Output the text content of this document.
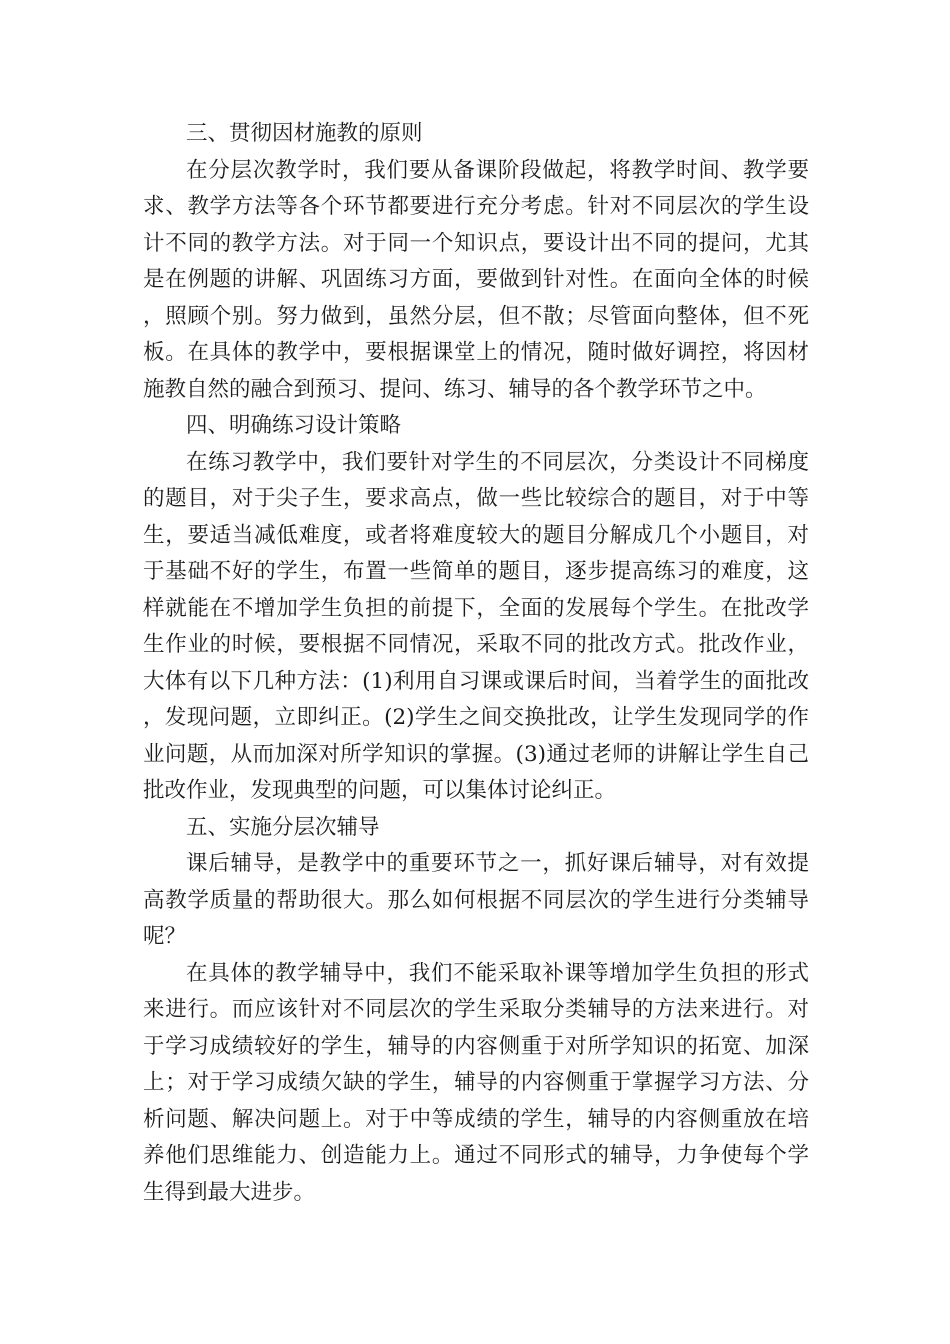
三、贯彻因材施教的原则

在分层次教学时，我们要从备课阶段做起，将教学时间、教学要求、教学方法等各个环节都要进行充分考虑。针对不同层次的学生设计不同的教学方法。对于同一个知识点，要设计出不同的提问，尤其是在例题的讲解、巩固练习方面，要做到针对性。在面向全体的时候，照顾个别。努力做到，虽然分层，但不散；尽管面向整体，但不死板。在具体的教学中，要根据课堂上的情况，随时做好调控，将因材施教自然的融合到预习、提问、练习、辅导的各个教学环节之中。

四、明确练习设计策略

在练习教学中，我们要针对学生的不同层次，分类设计不同梯度的题目，对于尖子生，要求高点，做一些比较综合的题目，对于中等生，要适当减低难度，或者将难度较大的题目分解成几个小题目，对于基础不好的学生，布置一些简单的题目，逐步提高练习的难度，这样就能在不增加学生负担的前提下，全面的发展每个学生。在批改学生作业的时候，要根据不同情况，采取不同的批改方式。批改作业，大体有以下几种方法：(1)利用自习课或课后时间，当着学生的面批改，发现问题，立即纠正。(2)学生之间交换批改，让学生发现同学的作业问题，从而加深对所学知识的掌握。(3)通过老师的讲解让学生自己批改作业，发现典型的问题，可以集体讨论纠正。

五、实施分层次辅导

课后辅导，是教学中的重要环节之一，抓好课后辅导，对有效提高教学质量的帮助很大。那么如何根据不同层次的学生进行分类辅导呢？

在具体的教学辅导中，我们不能采取补课等增加学生负担的形式来进行。而应该针对不同层次的学生采取分类辅导的方法来进行。对于学习成绩较好的学生，辅导的内容侧重于对所学知识的拓宽、加深上；对于学习成绩欠缺的学生，辅导的内容侧重于掌握学习方法、分析问题、解决问题上。对于中等成绩的学生，辅导的内容侧重放在培养他们思维能力、创造能力上。通过不同形式的辅导，力争使每个学生得到最大进步。
